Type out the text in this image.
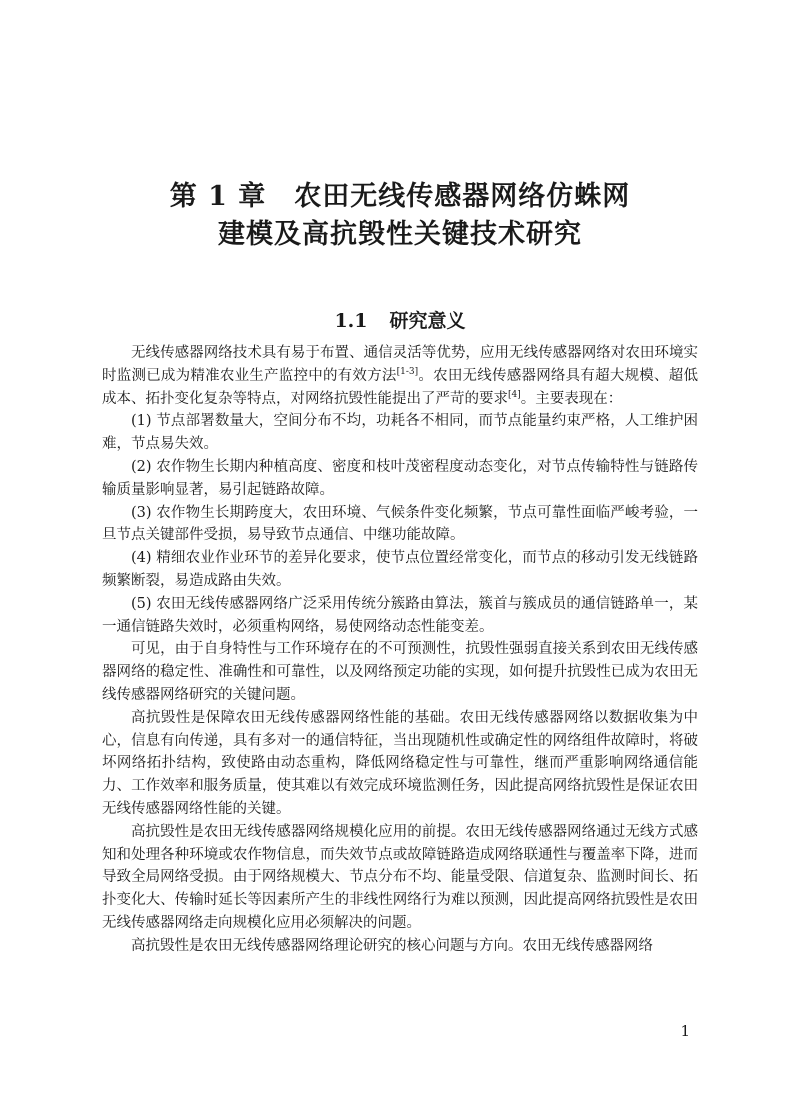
第 1 章　农田无线传感器网络仿蛛网
建模及高抗毁性关键技术研究
1.1 研究意义

无线传感器网络技术具有易于布置、通信灵活等优势，应用无线传感器网络对农田环境实时监测已成为精准农业生产监控中的有效方法[1-3]。农田无线传感器网络具有超大规模、超低成本、拓扑变化复杂等特点，对网络抗毁性能提出了严苛的要求[4]。主要表现在：

(1) 节点部署数量大，空间分布不均，功耗各不相同，而节点能量约束严格，人工维护困难，节点易失效。

(2) 农作物生长期内种植高度、密度和枝叶茂密程度动态变化，对节点传输特性与链路传输质量影响显著，易引起链路故障。

(3) 农作物生长期跨度大，农田环境、气候条件变化频繁，节点可靠性面临严峻考验，一旦节点关键部件受损，易导致节点通信、中继功能故障。

(4) 精细农业作业环节的差异化要求，使节点位置经常变化，而节点的移动引发无线链路频繁断裂，易造成路由失效。

(5) 农田无线传感器网络广泛采用传统分簇路由算法，簇首与簇成员的通信链路单一，某一通信链路失效时，必须重构网络，易使网络动态性能变差。

可见，由于自身特性与工作环境存在的不可预测性，抗毁性强弱直接关系到农田无线传感器网络的稳定性、准确性和可靠性，以及网络预定功能的实现，如何提升抗毁性已成为农田无线传感器网络研究的关键问题。

高抗毁性是保障农田无线传感器网络性能的基础。农田无线传感器网络以数据收集为中心，信息有向传递，具有多对一的通信特征，当出现随机性或确定性的网络组件故障时，将破坏网络拓扑结构，致使路由动态重构，降低网络稳定性与可靠性，继而严重影响网络通信能力、工作效率和服务质量，使其难以有效完成环境监测任务，因此提高网络抗毁性是保证农田无线传感器网络性能的关键。

高抗毁性是农田无线传感器网络规模化应用的前提。农田无线传感器网络通过无线方式感知和处理各种环境或农作物信息，而失效节点或故障链路造成网络联通性与覆盖率下降，进而导致全局网络受损。由于网络规模大、节点分布不均、能量受限、信道复杂、监测时间长、拓扑变化大、传输时延长等因素所产生的非线性网络行为难以预测，因此提高网络抗毁性是农田无线传感器网络走向规模化应用必须解决的问题。

高抗毁性是农田无线传感器网络理论研究的核心问题与方向。农田无线传感器网络

1
